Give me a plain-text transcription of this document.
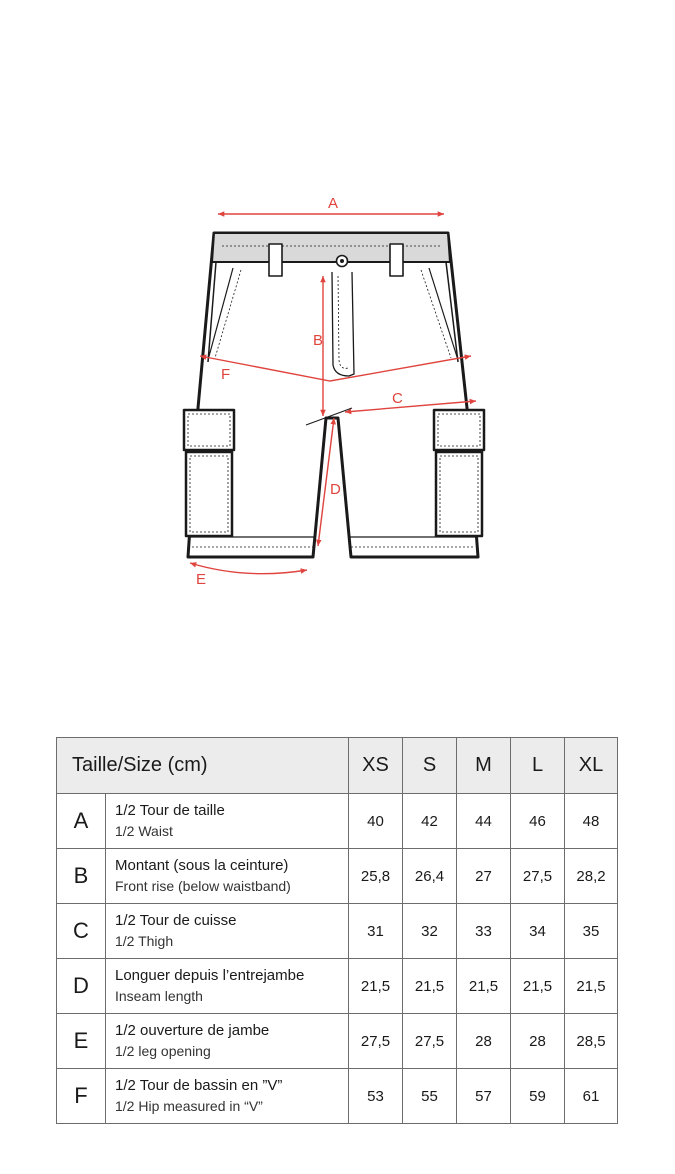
A
B
F
C
D
E
Taille/Size (cm)		XS	S	M	L	XL
A	1/2 Tour de taille
1/2 Waist	40	42	44	46	48
B	Montant (sous la ceinture)
Front rise (below waistband)	25,8	26,4	27	27,5	28,2
C	1/2 Tour de cuisse
1/2 Thigh	31	32	33	34	35
D	Longuer depuis l’entrejambe
Inseam length	21,5	21,5	21,5	21,5	21,5
E	1/2 ouverture de jambe
1/2 leg opening	27,5	27,5	28	28	28,5
F	1/2 Tour de bassin en ”V”
1/2 Hip measured in “V”	53	55	57	59	61
